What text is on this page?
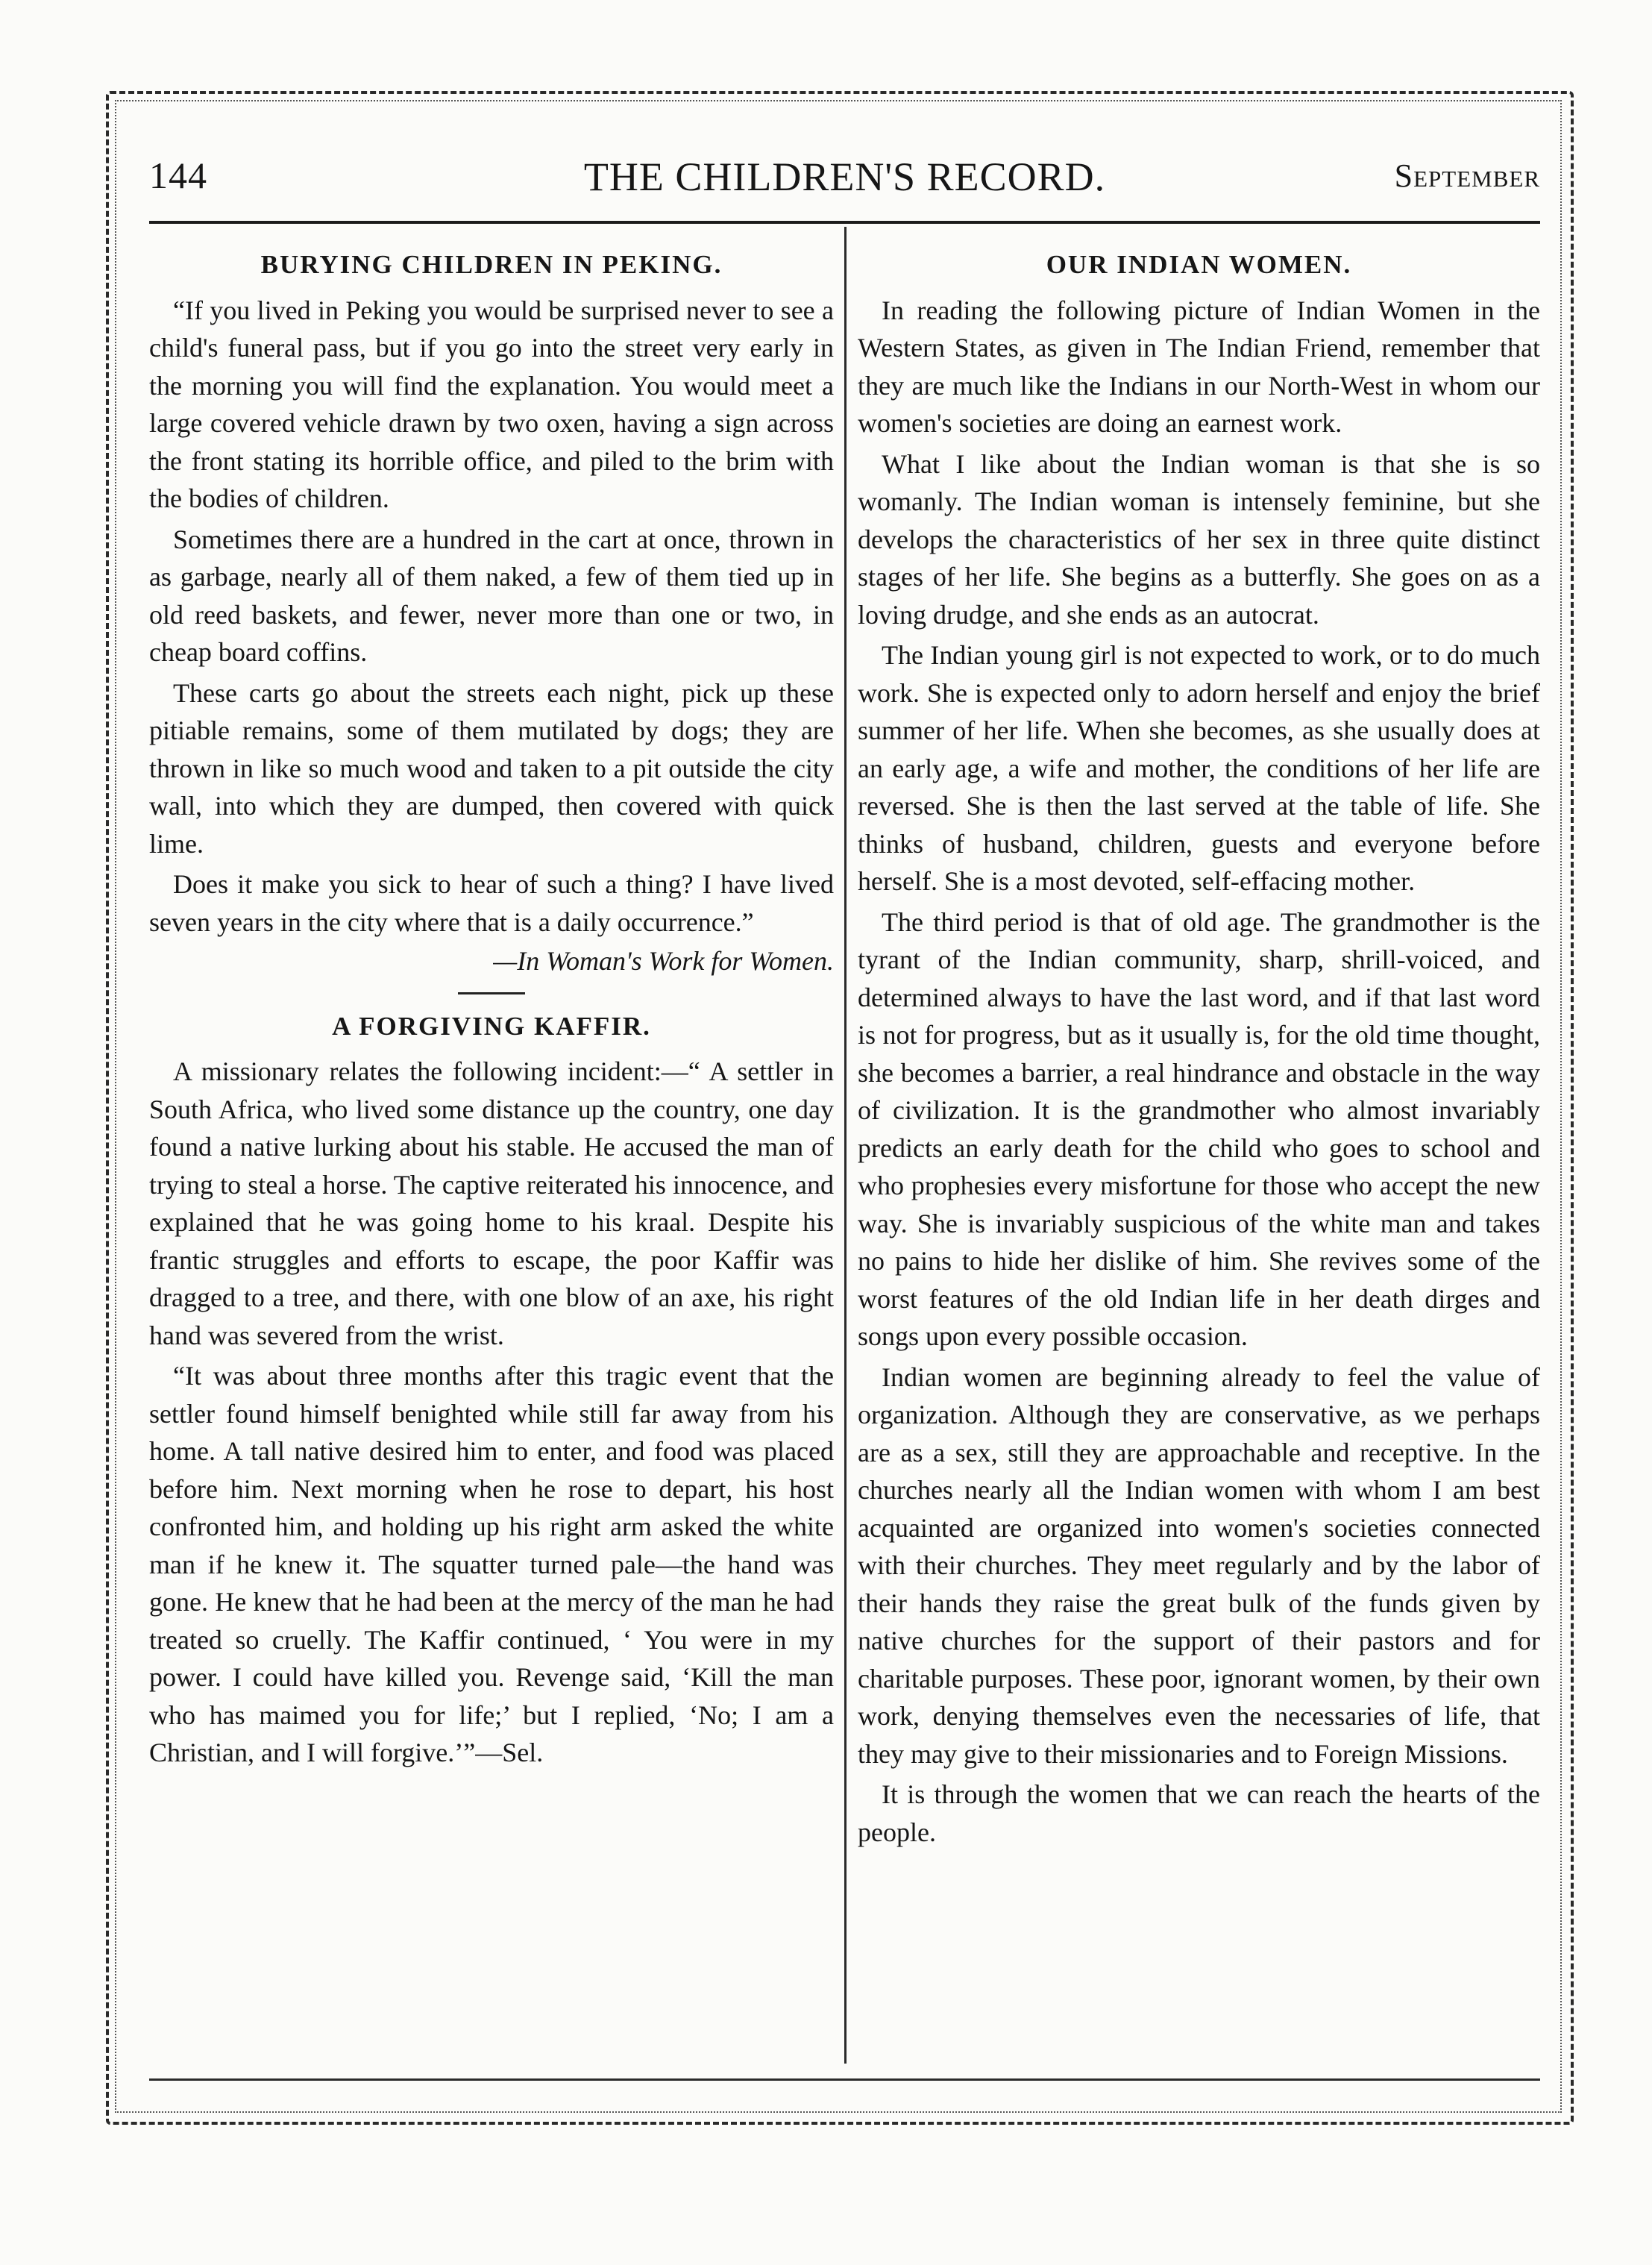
144	THE CHILDREN'S RECORD.	September
BURYING CHILDREN IN PEKING.

“If you lived in Peking you would be surprised never to see a child's funeral pass, but if you go into the street very early in the morning you will find the explanation. You would meet a large covered vehicle drawn by two oxen, having a sign across the front stating its horrible office, and piled to the brim with the bodies of children.

Sometimes there are a hundred in the cart at once, thrown in as garbage, nearly all of them naked, a few of them tied up in old reed baskets, and fewer, never more than one or two, in cheap board coffins.

These carts go about the streets each night, pick up these pitiable remains, some of them mutilated by dogs; they are thrown in like so much wood and taken to a pit outside the city wall, into which they are dumped, then covered with quick lime.

Does it make you sick to hear of such a thing? I have lived seven years in the city where that is a daily occurrence.”

—In Woman's Work for Women.
A FORGIVING KAFFIR.

A missionary relates the following incident:—“ A settler in South Africa, who lived some distance up the country, one day found a native lurking about his stable. He accused the man of trying to steal a horse. The captive reiterated his innocence, and explained that he was going home to his kraal. Despite his frantic struggles and efforts to escape, the poor Kaffir was dragged to a tree, and there, with one blow of an axe, his right hand was severed from the wrist.

“It was about three months after this tragic event that the settler found himself benighted while still far away from his home. A tall native desired him to enter, and food was placed before him. Next morning when he rose to depart, his host confronted him, and holding up his right arm asked the white man if he knew it. The squatter turned pale—the hand was gone. He knew that he had been at the mercy of the man he had treated so cruelly. The Kaffir continued, ‘ You were in my power. I could have killed you. Revenge said, ‘Kill the man who has maimed you for life;’ but I replied, ‘No; I am a Christian, and I will forgive.’”—Sel.

OUR INDIAN WOMEN.

In reading the following picture of Indian Women in the Western States, as given in The Indian Friend, remember that they are much like the Indians in our North-West in whom our women's societies are doing an earnest work.

What I like about the Indian woman is that she is so womanly. The Indian woman is intensely feminine, but she develops the characteristics of her sex in three quite distinct stages of her life. She begins as a butterfly. She goes on as a loving drudge, and she ends as an autocrat.

The Indian young girl is not expected to work, or to do much work. She is expected only to adorn herself and enjoy the brief summer of her life. When she becomes, as she usually does at an early age, a wife and mother, the conditions of her life are reversed. She is then the last served at the table of life. She thinks of husband, children, guests and everyone before herself. She is a most devoted, self-effacing mother.

The third period is that of old age. The grandmother is the tyrant of the Indian community, sharp, shrill-voiced, and determined always to have the last word, and if that last word is not for progress, but as it usually is, for the old time thought, she becomes a barrier, a real hindrance and obstacle in the way of civilization. It is the grandmother who almost invariably predicts an early death for the child who goes to school and who prophesies every misfortune for those who accept the new way. She is invariably suspicious of the white man and takes no pains to hide her dislike of him. She revives some of the worst features of the old Indian life in her death dirges and songs upon every possible occasion.

Indian women are beginning already to feel the value of organization. Although they are conservative, as we perhaps are as a sex, still they are approachable and receptive. In the churches nearly all the Indian women with whom I am best acquainted are organized into women's societies connected with their churches. They meet regularly and by the labor of their hands they raise the great bulk of the funds given by native churches for the support of their pastors and for charitable purposes. These poor, ignorant women, by their own work, denying themselves even the necessaries of life, that they may give to their missionaries and to Foreign Missions.

It is through the women that we can reach the hearts of the people.
